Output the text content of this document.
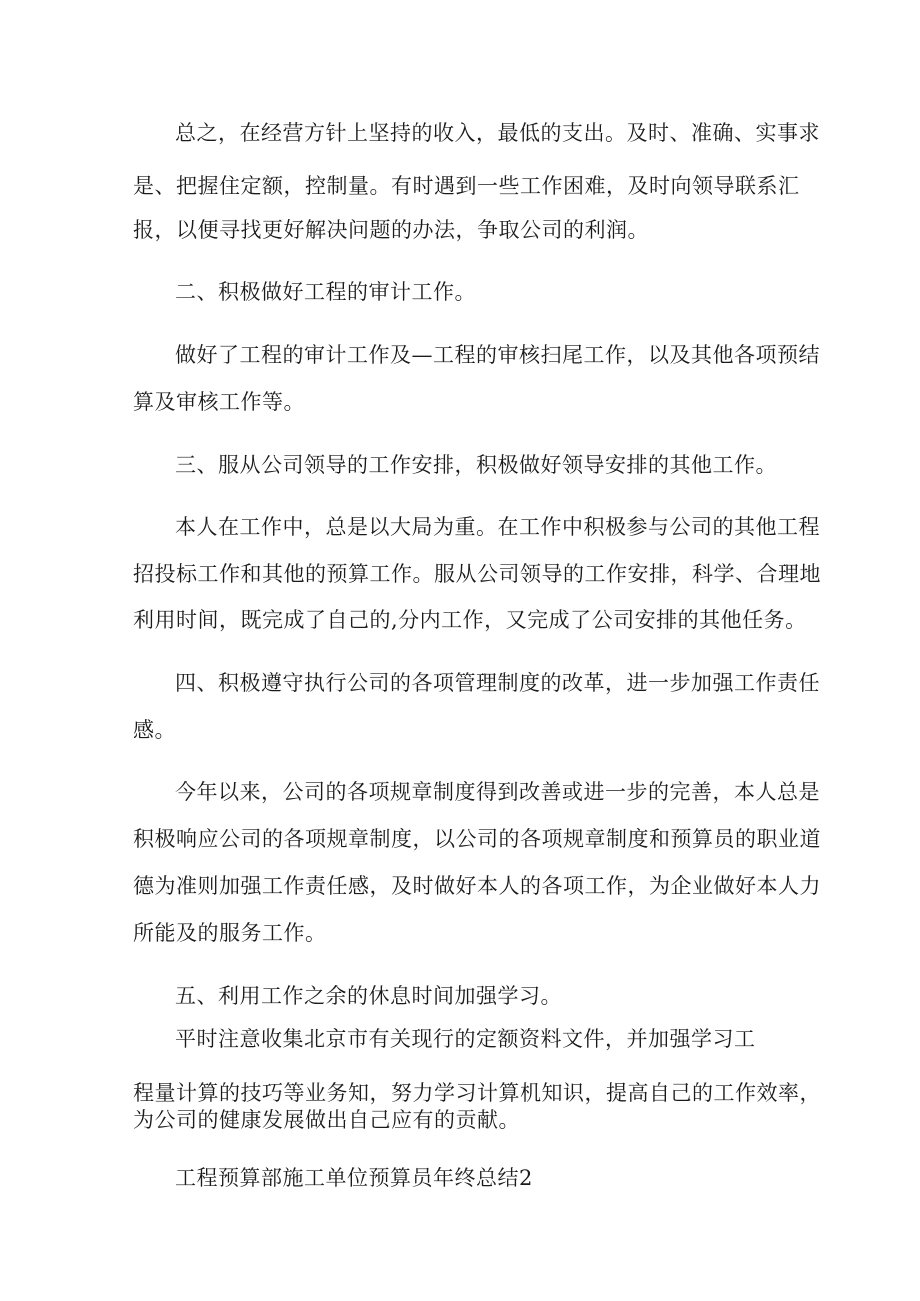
总之，在经营方针上坚持的收入，最低的支出。及时、准确、实事求
是、把握住定额，控制量。有时遇到一些工作困难，及时向领导联系汇
报，以便寻找更好解决问题的办法，争取公司的利润。
二、积极做好工程的审计工作。
做好了工程的审计工作及—工程的审核扫尾工作，以及其他各项预结
算及审核工作等。
三、服从公司领导的工作安排，积极做好领导安排的其他工作。
本人在工作中，总是以大局为重。在工作中积极参与公司的其他工程
招投标工作和其他的预算工作。服从公司领导的工作安排，科学、合理地
利用时间，既完成了自己的,分内工作，又完成了公司安排的其他任务。
四、积极遵守执行公司的各项管理制度的改革，进一步加强工作责任
感。
今年以来，公司的各项规章制度得到改善或进一步的完善，本人总是
积极响应公司的各项规章制度，以公司的各项规章制度和预算员的职业道
德为准则加强工作责任感，及时做好本人的各项工作，为企业做好本人力
所能及的服务工作。
五、利用工作之余的休息时间加强学习。
平时注意收集北京市有关现行的定额资料文件，并加强学习工
程量计算的技巧等业务知，努力学习计算机知识，提高自己的工作效率，
为公司的健康发展做出自己应有的贡献。
工程预算部施工单位预算员年终总结2
